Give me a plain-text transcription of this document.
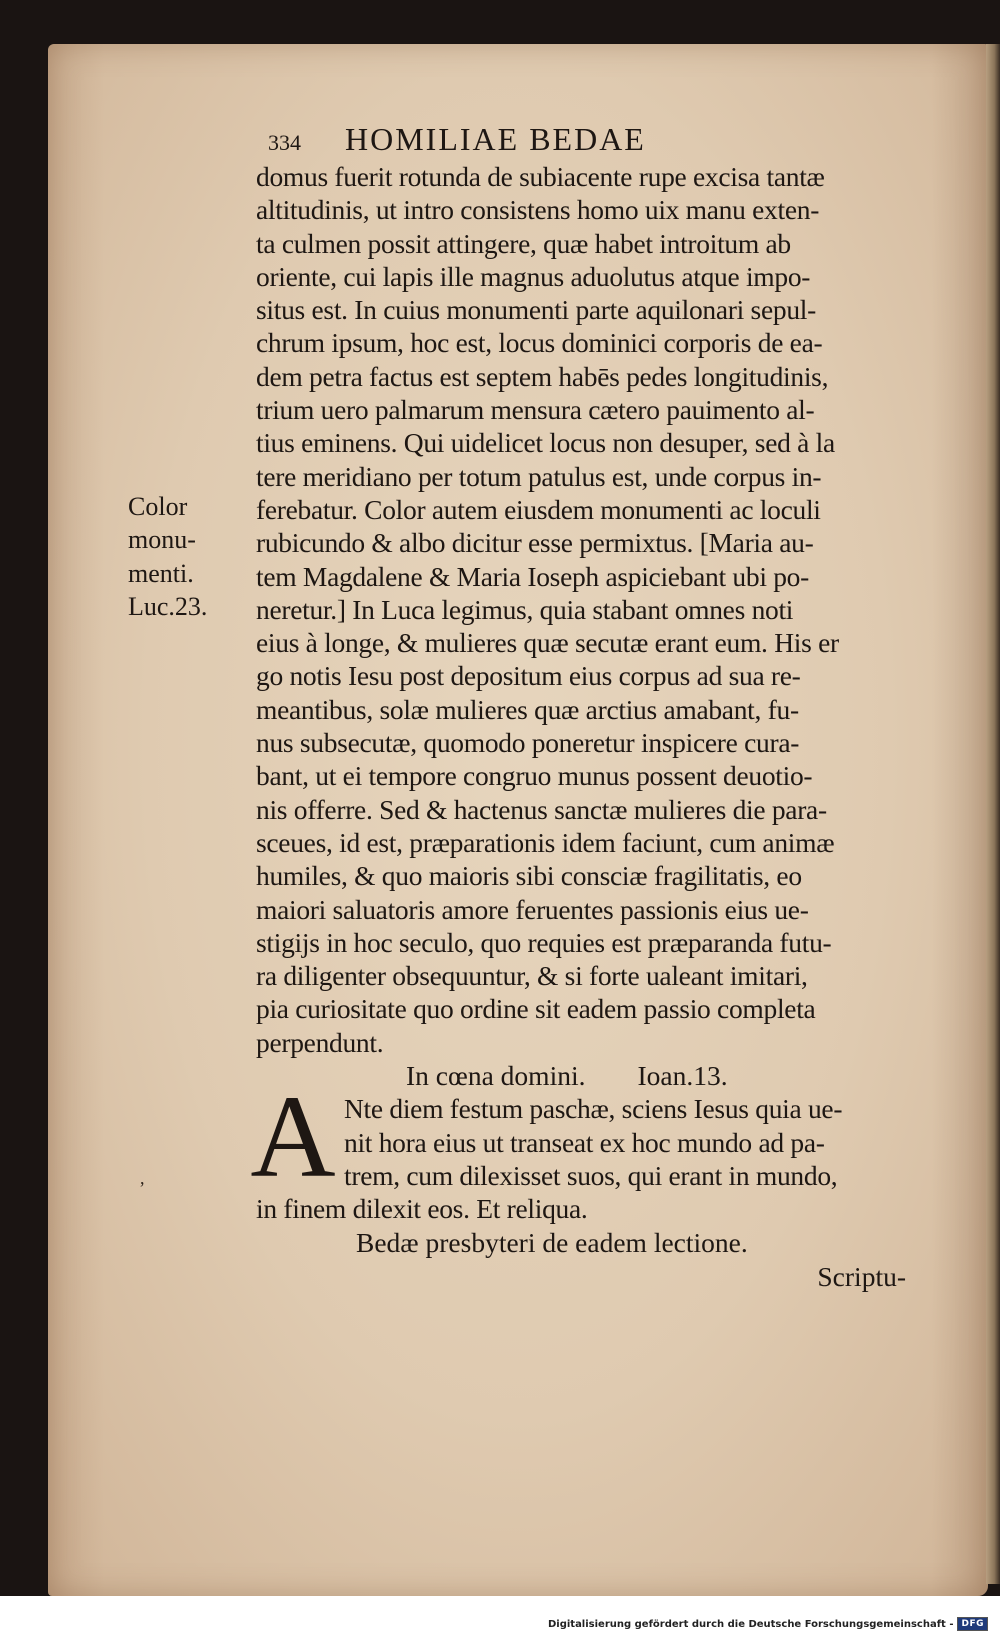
334 HOMILIAE BEDAE
Color
monu-
menti.
Luc.23.
domus fuerit rotunda de subiacente rupe excisa tantæ
altitudinis, ut intro consistens homo uix manu exten-
ta culmen possit attingere, quæ habet introitum ab
oriente, cui lapis ille magnus aduolutus atque impo-
situs est. In cuius monumenti parte aquilonari sepul-
chrum ipsum, hoc est, locus dominici corporis de ea-
dem petra factus est septem habēs pedes longitudinis,
trium uero palmarum mensura cætero pauimento al-
tius eminens. Qui uidelicet locus non desuper, sed à la
tere meridiano per totum patulus est, unde corpus in-
ferebatur. Color autem eiusdem monumenti ac loculi
rubicundo & albo dicitur esse permixtus. [Maria au-
tem Magdalene & Maria Ioseph aspiciebant ubi po-
neretur.] In Luca legimus, quia stabant omnes noti
eius à longe, & mulieres quæ secutæ erant eum. His er
go notis Iesu post depositum eius corpus ad sua re-
meantibus, solæ mulieres quæ arctius amabant, fu-
nus subsecutæ, quomodo poneretur inspicere cura-
bant, ut ei tempore congruo munus possent deuotio-
nis offerre. Sed & hactenus sanctæ mulieres die para-
sceues, id est, præparationis idem faciunt, cum animæ
humiles, & quo maioris sibi consciæ fragilitatis, eo
maiori saluatoris amore feruentes passionis eius ue-
stigijs in hoc seculo, quo requies est præparanda futu-
ra diligenter obsequuntur, & si forte ualeant imitari,
pia curiositate quo ordine sit eadem passio completa
perpendunt.
In cœna domini. Ioan.13.
Nte diem festum paschæ, sciens Iesus quia ue-
nit hora eius ut transeat ex hoc mundo ad pa-
trem, cum dilexisset suos, qui erant in mundo,
in finem dilexit eos. Et reliqua.
Bedæ presbyteri de eadem lectione.
Scriptu-
A
,
Digitalisierung gefördert durch die Deutsche Forschungsgemeinschaft - DFG
